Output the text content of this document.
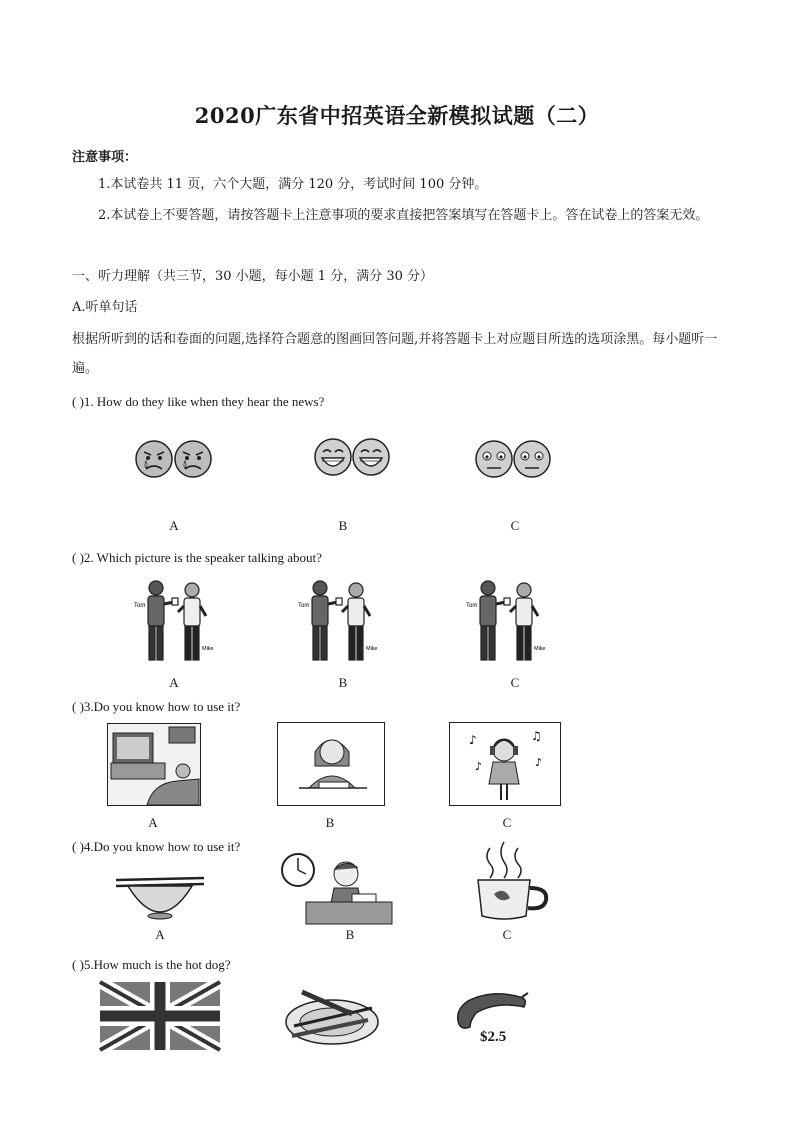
2020广东省中招英语全新模拟试题（二）
注意事项：
1.本试卷共 11 页，六个大题，满分 120 分，考试时间 100 分钟。
2.本试卷上不要答题，请按答题卡上注意事项的要求直接把答案填写在答题卡上。答在试卷上的答案无效。
一、听力理解（共三节，30 小题，每小题 1 分，满分 30 分）
A.听单句话
根据所听到的话和卷面的问题,选择符合题意的图画回答问题,并将答题卡上对应题目所选的选项涂黑。每小题听一遍。
( )1. How do they like when they hear the news?
A	B	C
( )2. Which picture is the speaker talking about?
Tom
Mike
Tom
Mike
Tom
Mike
A	B	C
( )3.Do you know how to use it?
♪	♫
♪	♪
A	B	C
( )4.Do you know how to use it?
A	B	C
( )5.How much is the hot dog?
$2.5
